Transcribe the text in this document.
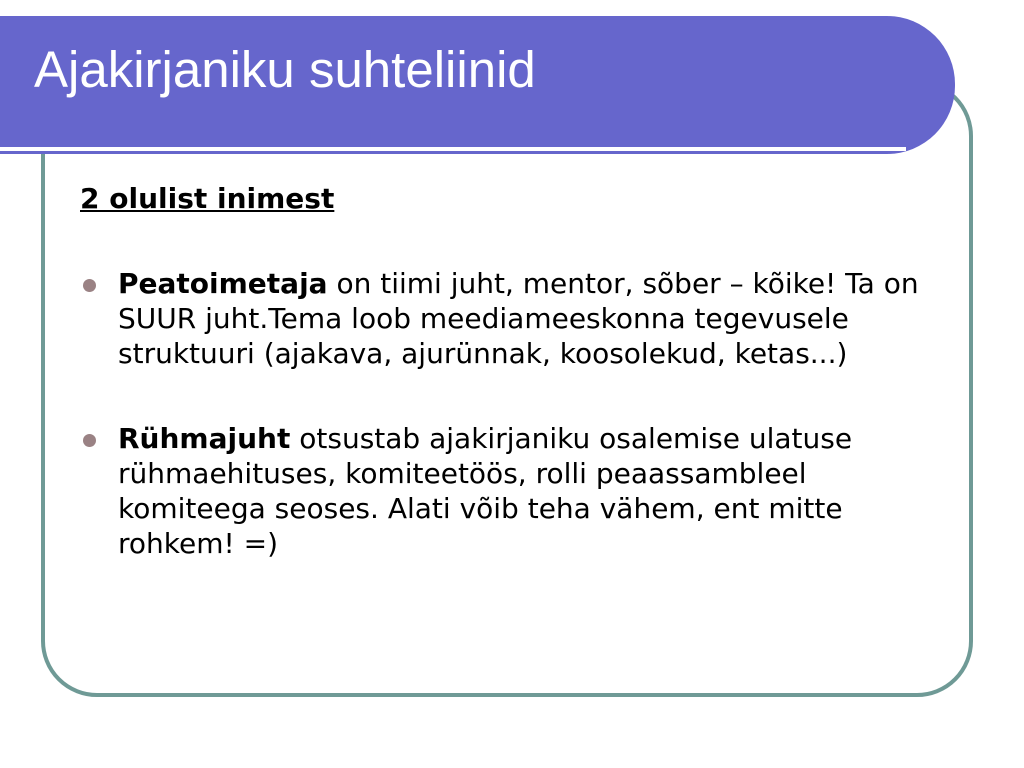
Ajakirjaniku suhteliinid

2 olulist inimest

Peatoimetaja on tiimi juht, mentor, sõber – kõike! Ta on SUUR juht.Tema loob meediameeskonna tegevusele struktuuri (ajakava, ajurünnak, koosolekud, ketas...)
Rühmajuht otsustab ajakirjaniku osalemise ulatuse rühmaehituses, komiteetöös, rolli peaassambleel komiteega seoses. Alati võib teha vähem, ent mitte rohkem! =)
